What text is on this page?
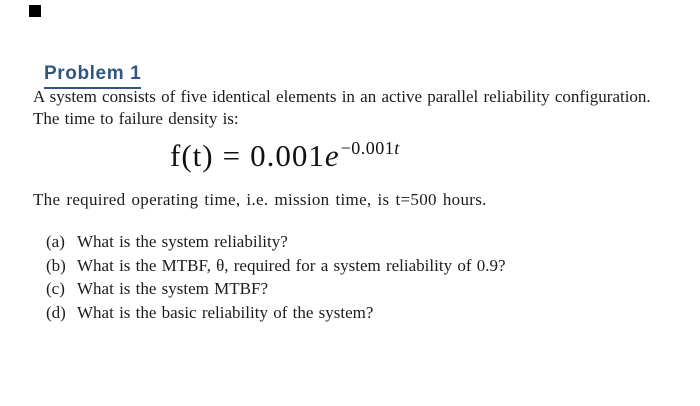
Problem 1
A system consists of five identical elements in an active parallel reliability configuration.
The time to failure density is:
$f(t) = 0.001e^{-0.001t}$
The required operating time, i.e. mission time, is t=500 hours.
(a) What is the system reliability?
(b) What is the MTBF, θ, required for a system reliability of 0.9?
(c) What is the system MTBF?
(d) What is the basic reliability of the system?
